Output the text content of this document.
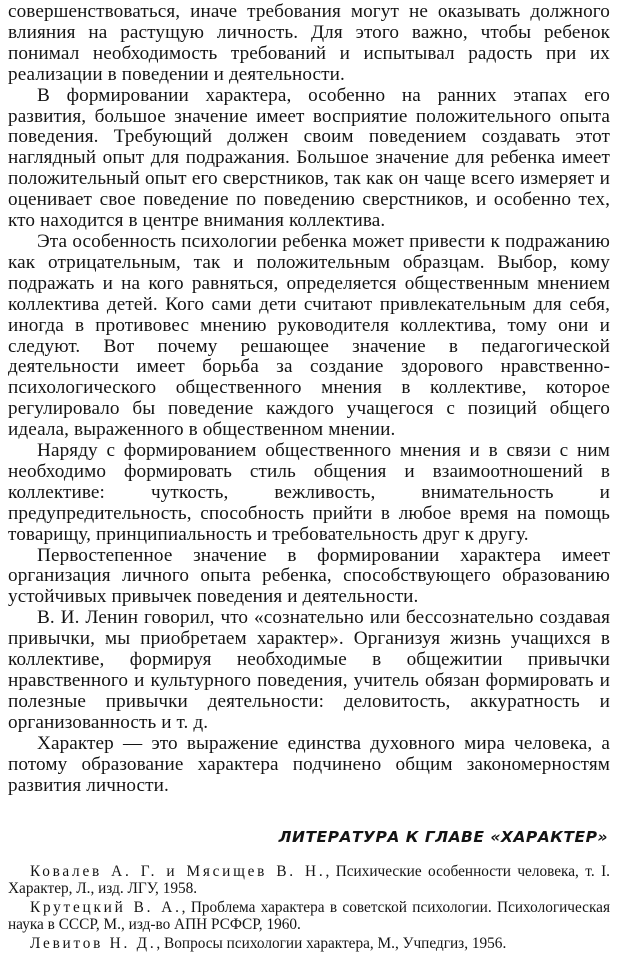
совершенствоваться, иначе требования могут не оказывать должного влияния на растущую личность. Для этого важно, чтобы ребенок понимал необходимость требований и испытывал радость при их реализации в поведении и деятельности.

В формировании характера, особенно на ранних этапах его развития, большое значение имеет восприятие положительного опыта поведения. Требующий должен своим поведением создавать этот наглядный опыт для подражания. Большое значение для ребенка имеет положительный опыт его сверстников, так как он чаще всего измеряет и оценивает свое поведение по поведению сверстников, и особенно тех, кто находится в центре внимания коллектива.

Эта особенность психологии ребенка может привести к подражанию как отрицательным, так и положительным образцам. Выбор, кому подражать и на кого равняться, определяется общественным мнением коллектива детей. Кого сами дети считают привлекательным для себя, иногда в противовес мнению руководителя коллектива, тому они и следуют. Вот почему решающее значение в педагогической деятельности имеет борьба за создание здорового нравственно-психологического общественного мнения в коллективе, которое регулировало бы поведение каждого учащегося с позиций общего идеала, выраженного в общественном мнении.

Наряду с формированием общественного мнения и в связи с ним необходимо формировать стиль общения и взаимоотношений в коллективе: чуткость, вежливость, внимательность и предупредительность, способность прийти в любое время на помощь товарищу, принципиальность и требовательность друг к другу.

Первостепенное значение в формировании характера имеет организация личного опыта ребенка, способствующего образованию устойчивых привычек поведения и деятельности.

В. И. Ленин говорил, что «сознательно или бессознательно создавая привычки, мы приобретаем характер». Организуя жизнь учащихся в коллективе, формируя необходимые в общежитии привычки нравственного и культурного поведения, учитель обязан формировать и полезные привычки деятельности: деловитость, аккуратность и организованность и т. д.

Характер — это выражение единства духовного мира человека, а потому образование характера подчинено общим закономерностям развития личности.

ЛИТЕРАТУРА К ГЛАВЕ «ХАРАКТЕР»

Ковалев А. Г. и Мясищев В. Н., Психические особенности человека, т. I. Характер, Л., изд. ЛГУ, 1958.

Крутецкий В. А., Проблема характера в советской психологии. Психологическая наука в СССР, М., изд-во АПН РСФСР, 1960.

Левитов Н. Д., Вопросы психологии характера, М., Учпедгиз, 1956.
